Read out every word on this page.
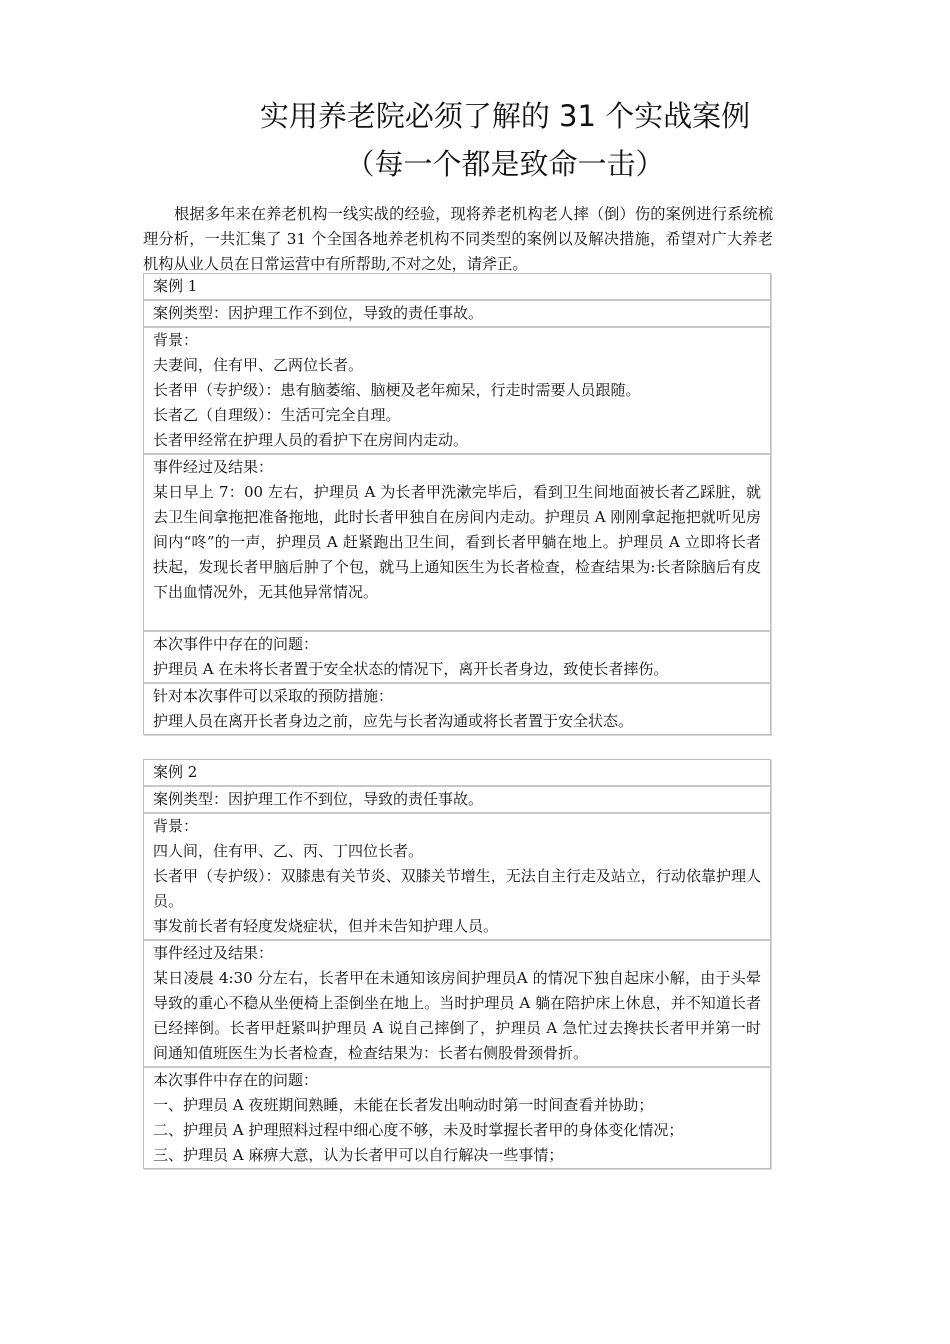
实用养老院必须了解的 31 个实战案例
（每一个都是致命一击）

根据多年来在养老机构一线实战的经验，现将养老机构老人摔（倒）伤的案例进行系统梳理分析，一共汇集了 31 个全国各地养老机构不同类型的案例以及解决措施，希望对广大养老机构从业人员在日常运营中有所帮助,不对之处，请斧正。

案例 1
案例类型：因护理工作不到位，导致的责任事故。
背景：
夫妻间，住有甲、乙两位长者。
长者甲（专护级）：患有脑萎缩、脑梗及老年痴呆，行走时需要人员跟随。
长者乙（自理级）：生活可完全自理。
长者甲经常在护理人员的看护下在房间内走动。
事件经过及结果：
某日早上 7：00 左右，护理员 A 为长者甲洗漱完毕后，看到卫生间地面被长者乙踩脏，就去卫生间拿拖把准备拖地，此时长者甲独自在房间内走动。护理员 A 刚刚拿起拖把就听见房间内“咚”的一声，护理员 A 赶紧跑出卫生间，看到长者甲躺在地上。护理员 A 立即将长者扶起，发现长者甲脑后肿了个包，就马上通知医生为长者检查，检查结果为:长者除脑后有皮下出血情况外，无其他异常情况。
本次事件中存在的问题：
护理员 A 在未将长者置于安全状态的情况下，离开长者身边，致使长者摔伤。
针对本次事件可以采取的预防措施：
护理人员在离开长者身边之前，应先与长者沟通或将长者置于安全状态。
案例 2
案例类型：因护理工作不到位，导致的责任事故。
背景：
四人间，住有甲、乙、丙、丁四位长者。
长者甲（专护级）：双膝患有关节炎、双膝关节增生，无法自主行走及站立，行动依靠护理人员。
事发前长者有轻度发烧症状，但并未告知护理人员。
事件经过及结果：
某日凌晨 4:30 分左右，长者甲在未通知该房间护理员A 的情况下独自起床小解，由于头晕导致的重心不稳从坐便椅上歪倒坐在地上。当时护理员 A 躺在陪护床上休息，并不知道长者已经摔倒。长者甲赶紧叫护理员 A 说自己摔倒了，护理员 A 急忙过去搀扶长者甲并第一时间通知值班医生为长者检查，检查结果为：长者右侧股骨颈骨折。
本次事件中存在的问题：
一、护理员 A 夜班期间熟睡，未能在长者发出响动时第一时间查看并协助；
二、护理员 A 护理照料过程中细心度不够，未及时掌握长者甲的身体变化情况；
三、护理员 A 麻痹大意，认为长者甲可以自行解决一些事情；
